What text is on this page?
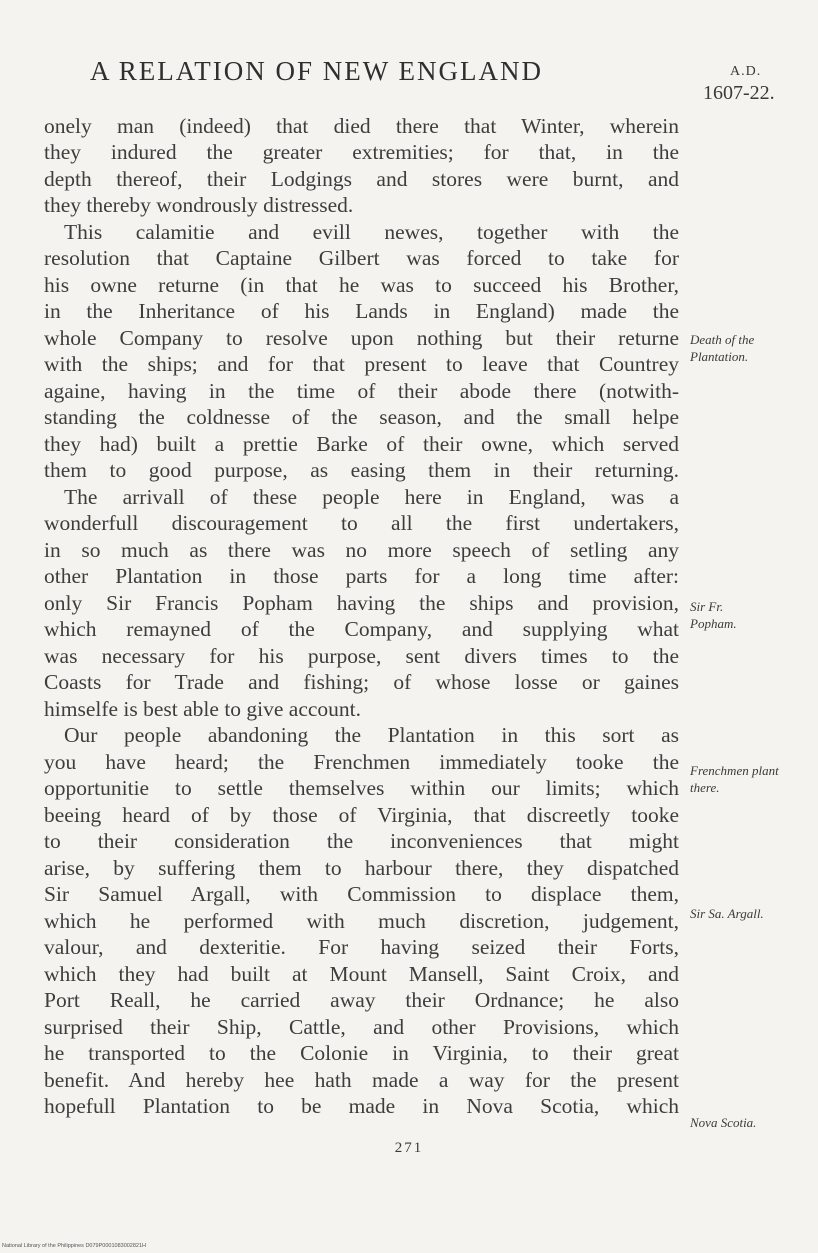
A RELATION OF NEW ENGLAND	A.D.
1607-22.

onely man (indeed) that died there that Winter, wherein

they indured the greater extremities; for that, in the

depth thereof, their Lodgings and stores were burnt, and

they thereby wondrously distressed.

This calamitie and evill newes, together with the

resolution that Captaine Gilbert was forced to take for

his owne returne (in that he was to succeed his Brother,

in the Inheritance of his Lands in England) made the

whole Company to resolve upon nothing but their returne

with the ships; and for that present to leave that Countrey

againe, having in the time of their abode there (notwith-

standing the coldnesse of the season, and the small helpe

they had) built a prettie Barke of their owne, which served

them to good purpose, as easing them in their returning.

The arrivall of these people here in England, was a

wonderfull discouragement to all the first undertakers,

in so much as there was no more speech of setling any

other Plantation in those parts for a long time after:

only Sir Francis Popham having the ships and provision,

which remayned of the Company, and supplying what

was necessary for his purpose, sent divers times to the

Coasts for Trade and fishing; of whose losse or gaines

himselfe is best able to give account.

Our people abandoning the Plantation in this sort as

you have heard; the Frenchmen immediately tooke the

opportunitie to settle themselves within our limits; which

beeing heard of by those of Virginia, that discreetly tooke

to their consideration the inconveniences that might

arise, by suffering them to harbour there, they dispatched

Sir Samuel Argall, with Commission to displace them,

which he performed with much discretion, judgement,

valour, and dexteritie. For having seized their Forts,

which they had built at Mount Mansell, Saint Croix, and

Port Reall, he carried away their Ordnance; he also

surprised their Ship, Cattle, and other Provisions, which

he transported to the Colonie in Virginia, to their great

benefit. And hereby hee hath made a way for the present

hopefull Plantation to be made in Nova Scotia, which

Death of the Plantation.
Sir Fr. Popham.
Frenchmen plant there.
Sir Sa. Argall.
Nova Scotia.
271
National Library of the Philippines D079P0001083002821H
